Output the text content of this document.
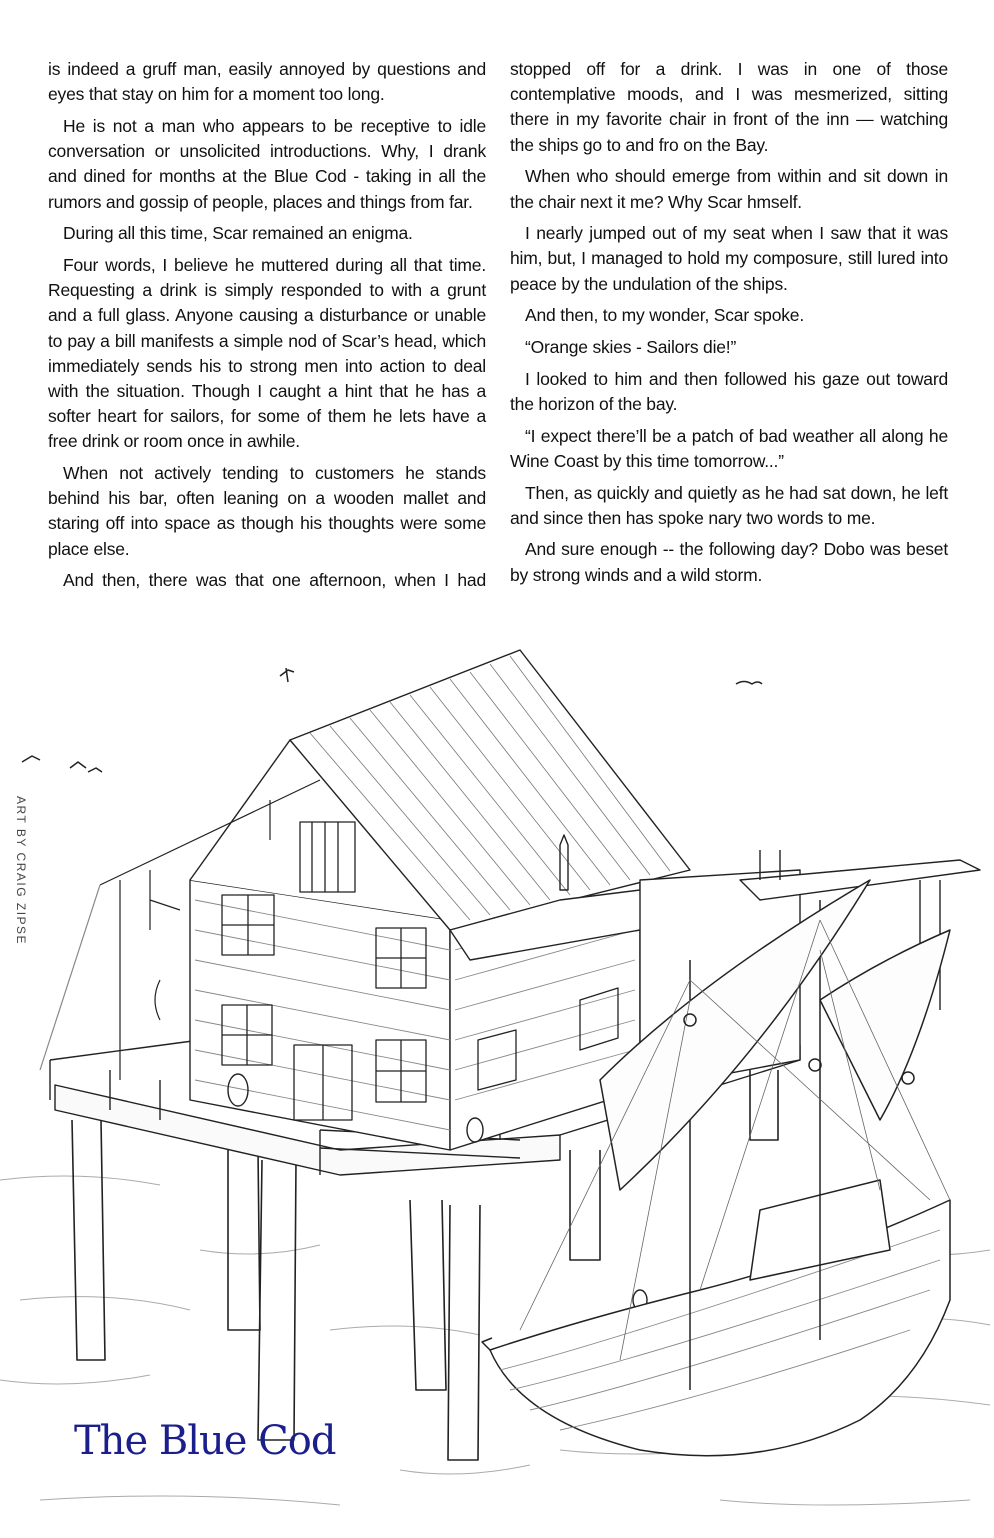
is indeed a gruff man, easily annoyed by questions and eyes that stay on him for a moment too long.

He is not a man who appears to be receptive to idle conversation or unsolicited introductions. Why, I drank and dined for months at the Blue Cod - taking in all the rumors and gossip of people, places and things from far.

During all this time, Scar remained an enigma.

Four words, I believe he muttered during all that time. Requesting a drink is simply responded to with a grunt and a full glass. Anyone causing a disturbance or unable to pay a bill manifests a simple nod of Scar’s head, which immediately sends his to strong men into action to deal with the situation. Though I caught a hint that he has a softer heart for sailors, for some of them he lets have a free drink or room once in awhile.

When not actively tending to customers he stands behind his bar, often leaning on a wooden mallet and staring off into space as though his thoughts were some place else.

And then, there was that one afternoon, when I had

stopped off for a drink. I was in one of those contemplative moods, and I was mesmerized, sitting there in my favorite chair in front of the inn — watching the ships go to and fro on the Bay.

When who should emerge from within and sit down in the chair next it me? Why Scar hmself.

I nearly jumped out of my seat when I saw that it was him, but, I managed to hold my composure, still lured into peace by the undulation of the ships.

And then, to my wonder, Scar spoke.

“Orange skies - Sailors die!”

I looked to him and then followed his gaze out toward the horizon of the bay.

“I expect there’ll be a patch of bad weather all along he Wine Coast by this time tomorrow...”

Then, as quickly and quietly as he had sat down, he left and since then has spoke nary two words to me.

And sure enough -- the following day? Dobo was beset by strong winds and a wild storm.

ART BY CRAIG ZIPSE
The Blue Cod
